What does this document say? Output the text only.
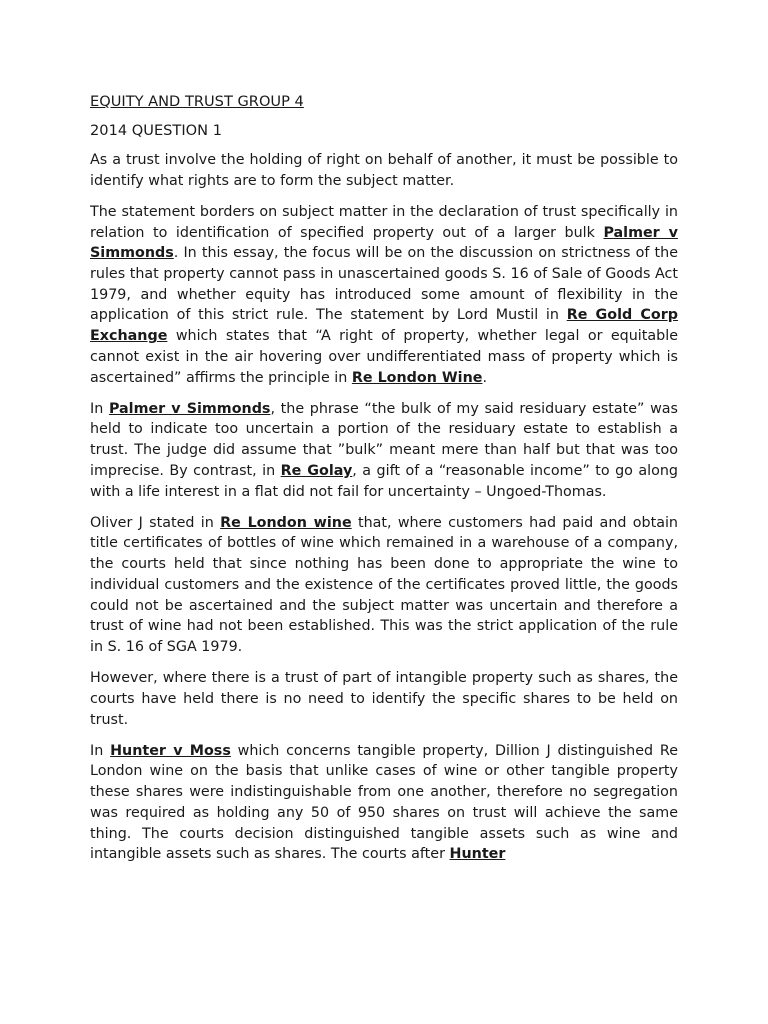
EQUITY AND TRUST GROUP 4
2014 QUESTION 1

As a trust involve the holding of right on behalf of another, it must be possible to identify what rights are to form the subject matter.

The statement borders on subject matter in the declaration of trust specifically in relation to identification of specified property out of a larger bulk Palmer v Simmonds. In this essay, the focus will be on the discussion on strictness of the rules that property cannot pass in unascertained goods S. 16 of Sale of Goods Act 1979, and whether equity has introduced some amount of flexibility in the application of this strict rule. The statement by Lord Mustil in Re Gold Corp Exchange which states that “A right of property, whether legal or equitable cannot exist in the air hovering over undifferentiated mass of property which is ascertained” affirms the principle in Re London Wine.

In Palmer v Simmonds, the phrase “the bulk of my said residuary estate” was held to indicate too uncertain a portion of the residuary estate to establish a trust. The judge did assume that ”bulk” meant mere than half but that was too imprecise. By contrast, in Re Golay, a gift of a “reasonable income” to go along with a life interest in a flat did not fail for uncertainty – Ungoed-Thomas.

Oliver J stated in Re London wine that, where customers had paid and obtain title certificates of bottles of wine which remained in a warehouse of a company, the courts held that since nothing has been done to appropriate the wine to individual customers and the existence of the certificates proved little, the goods could not be ascertained and the subject matter was uncertain and therefore a trust of wine had not been established. This was the strict application of the rule in S. 16 of SGA 1979.

However, where there is a trust of part of intangible property such as shares, the courts have held there is no need to identify the specific shares to be held on trust.

In Hunter v Moss which concerns tangible property, Dillion J distinguished Re London wine on the basis that unlike cases of wine or other tangible property these shares were indistinguishable from one another, therefore no segregation was required as holding any 50 of 950 shares on trust will achieve the same thing. The courts decision distinguished tangible assets such as wine and intangible assets such as shares. The courts after Hunter
